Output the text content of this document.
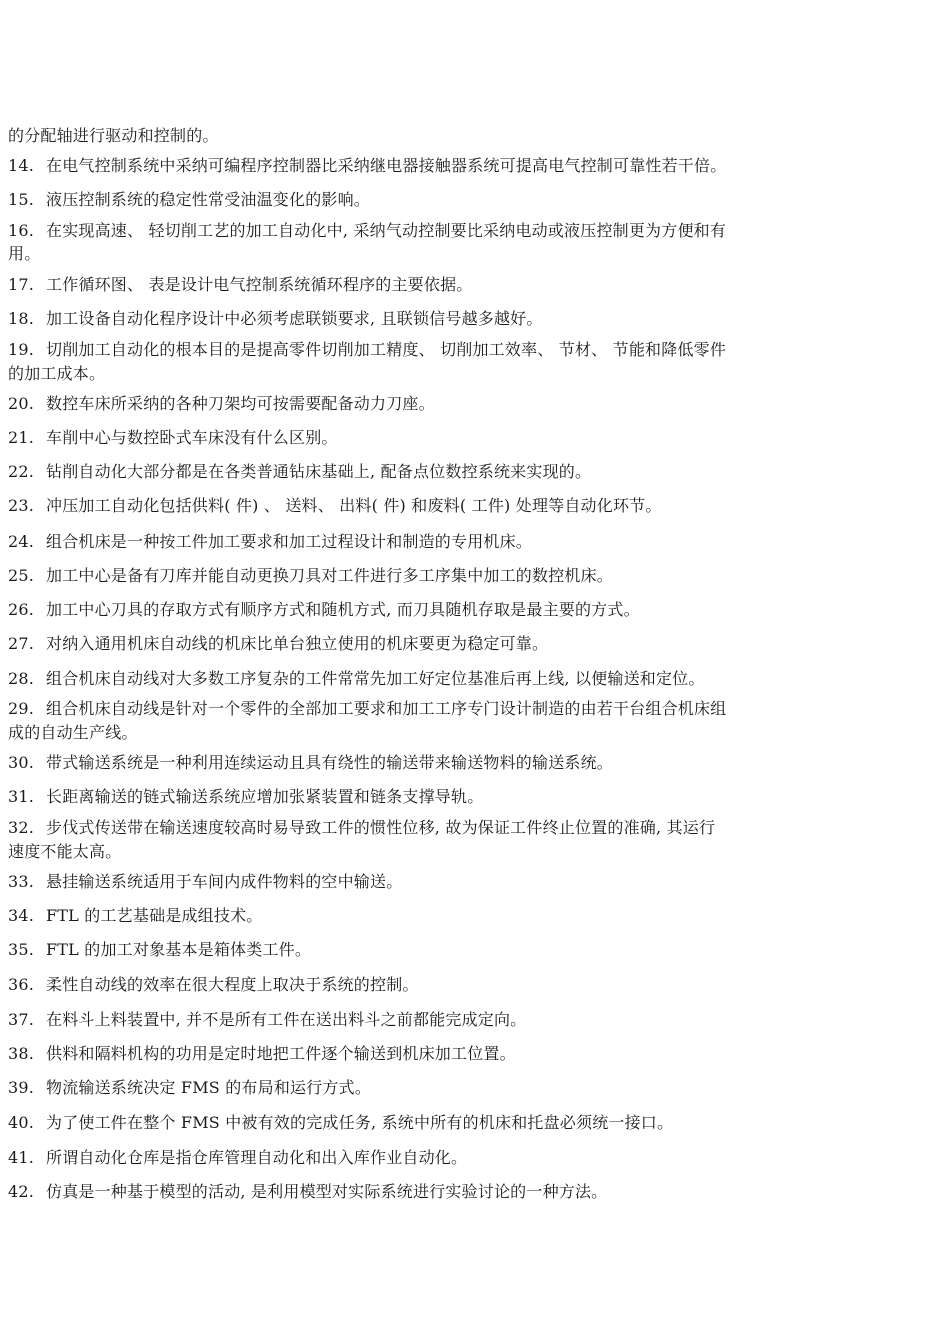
的分配轴进行驱动和控制的。
14. 在电气控制系统中采纳可编程序控制器比采纳继电器接触器系统可提高电气控制可靠性若干倍。
15. 液压控制系统的稳定性常受油温变化的影响。
16. 在实现高速、 轻切削工艺的加工自动化中, 采纳气动控制要比采纳电动或液压控制更为方便和有
用。
17. 工作循环图、 表是设计电气控制系统循环程序的主要依据。
18. 加工设备自动化程序设计中必须考虑联锁要求, 且联锁信号越多越好。
19. 切削加工自动化的根本目的是提高零件切削加工精度、 切削加工效率、 节材、 节能和降低零件
的加工成本。
20. 数控车床所采纳的各种刀架均可按需要配备动力刀座。
21. 车削中心与数控卧式车床没有什么区别。
22. 钻削自动化大部分都是在各类普通钻床基础上, 配备点位数控系统来实现的。
23. 冲压加工自动化包括供料( 件) 、 送料、 出料( 件) 和废料( 工件) 处理等自动化环节。
24. 组合机床是一种按工件加工要求和加工过程设计和制造的专用机床。
25. 加工中心是备有刀库并能自动更换刀具对工件进行多工序集中加工的数控机床。
26. 加工中心刀具的存取方式有顺序方式和随机方式, 而刀具随机存取是最主要的方式。
27. 对纳入通用机床自动线的机床比单台独立使用的机床要更为稳定可靠。
28. 组合机床自动线对大多数工序复杂的工件常常先加工好定位基准后再上线, 以便输送和定位。
29. 组合机床自动线是针对一个零件的全部加工要求和加工工序专门设计制造的由若干台组合机床组
成的自动生产线。
30. 带式输送系统是一种利用连续运动且具有绕性的输送带来输送物料的输送系统。
31. 长距离输送的链式输送系统应增加张紧装置和链条支撑导轨。
32. 步伐式传送带在输送速度较高时易导致工件的惯性位移, 故为保证工件终止位置的准确, 其运行
速度不能太高。
33. 悬挂输送系统适用于车间内成件物料的空中输送。
34. FTL 的工艺基础是成组技术。
35. FTL 的加工对象基本是箱体类工件。
36. 柔性自动线的效率在很大程度上取决于系统的控制。
37. 在料斗上料装置中, 并不是所有工件在送出料斗之前都能完成定向。
38. 供料和隔料机构的功用是定时地把工件逐个输送到机床加工位置。
39. 物流输送系统决定 FMS 的布局和运行方式。
40. 为了使工件在整个 FMS 中被有效的完成任务, 系统中所有的机床和托盘必须统一接口。
41. 所谓自动化仓库是指仓库管理自动化和出入库作业自动化。
42. 仿真是一种基于模型的活动, 是利用模型对实际系统进行实验讨论的一种方法。
